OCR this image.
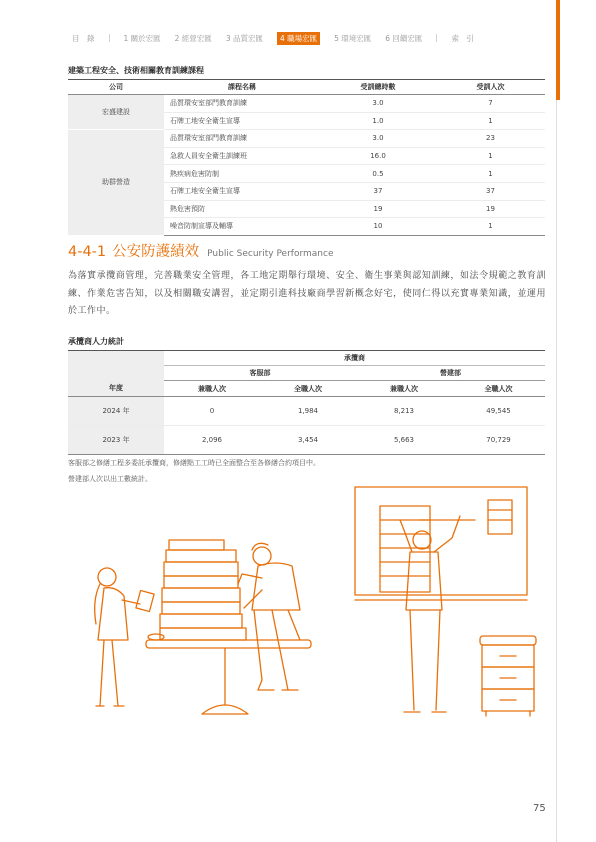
目　錄	1 關於宏匯 2 經營宏匯 3 品質宏匯	4 職場宏匯	5 環境宏匯 6 回饋宏匯	索　引
建築工程安全、技術相關教育訓練課程
公司	課程名稱	受訓總時數	受訓人次
宏盛建設	品質環安室部門教育訓練	3.0	7
	石牌工地安全衛生宣導	1.0	1
助群營造	品質環安室部門教育訓練	3.0	23
	急救人員安全衛生訓練班	16.0	1
	熱疾病危害防制	0.5	1
	石牌工地安全衛生宣導	37	37
	熱危害預防	19	19
	噪音防制宣導及輔導	10	1
4-4-1 公安防護績效 Public Security Performance
為落實承攬商管理，完善職業安全管理，各工地定期舉行環境、安全、衛生事業與認知訓練，如法令規範之教育訓練、作業危害告知，以及相關職安講習，並定期引進科技廠商學習新概念好宅，使同仁得以充實專業知識，並運用於工作中。
承攬商人力統計
	承攬商			
	客服部		營建部	
年度	兼職人次	全職人次	兼職人次	全職人次
2024 年	0	1,984	8,213	49,545
2023 年	2,096	3,454	5,663	70,729
客服部之修繕工程多委託承攬商，修繕點工工時已全面整合至各修繕合約項目中。
營建部人次以出工數統計。
75
